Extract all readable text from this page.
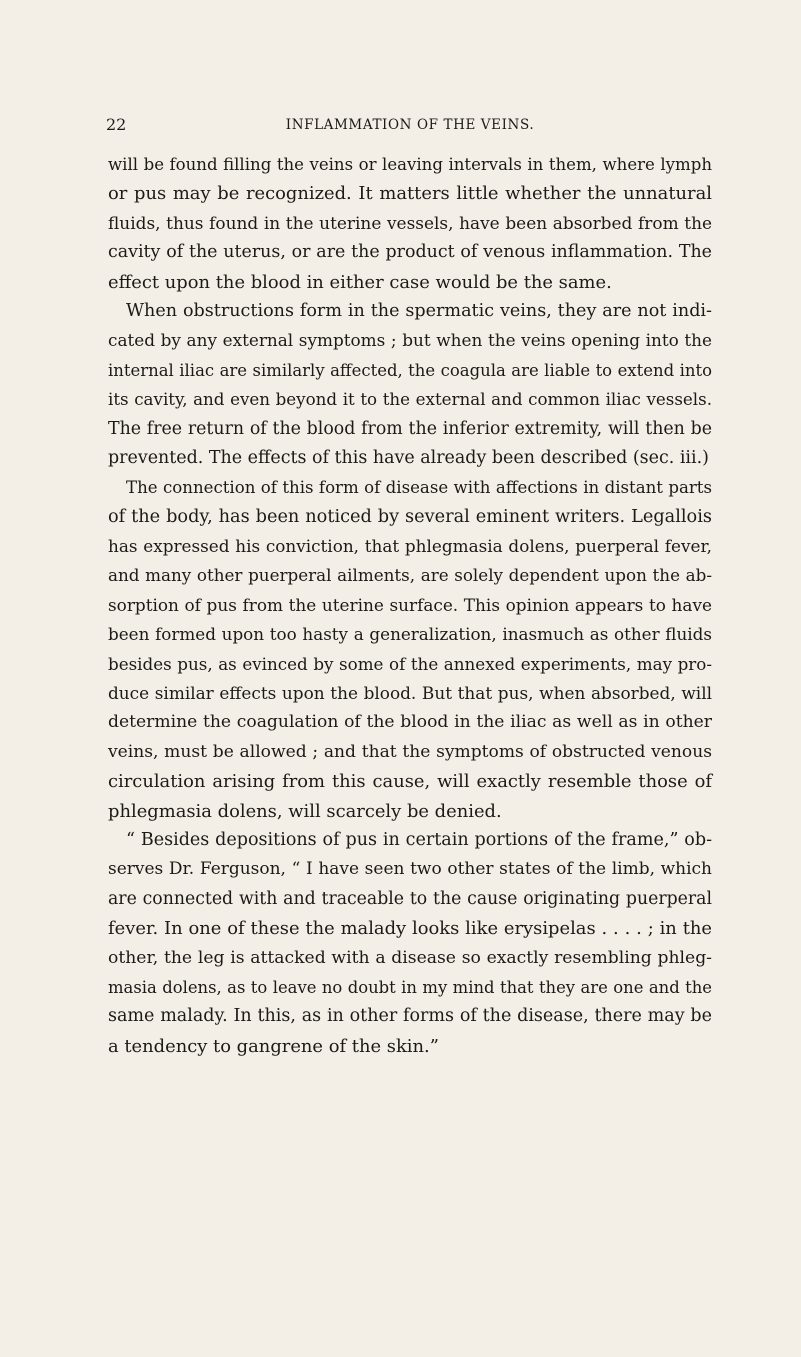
22	INFLAMMATION OF THE VEINS.
will be found filling the veins or leaving intervals in them, where lymph
or pus may be recognized. It matters little whether the unnatural
fluids, thus found in the uterine vessels, have been absorbed from the
cavity of the uterus, or are the product of venous inflammation. The
effect upon the blood in either case would be the same.
When obstructions form in the spermatic veins, they are not indi-
cated by any external symptoms ; but when the veins opening into the
internal iliac are similarly affected, the coagula are liable to extend into
its cavity, and even beyond it to the external and common iliac vessels.
The free return of the blood from the inferior extremity, will then be
prevented. The effects of this have already been described (sec. iii.)
The connection of this form of disease with affections in distant parts
of the body, has been noticed by several eminent writers. Legallois
has expressed his conviction, that phlegmasia dolens, puerperal fever,
and many other puerperal ailments, are solely dependent upon the ab-
sorption of pus from the uterine surface. This opinion appears to have
been formed upon too hasty a generalization, inasmuch as other fluids
besides pus, as evinced by some of the annexed experiments, may pro-
duce similar effects upon the blood. But that pus, when absorbed, will
determine the coagulation of the blood in the iliac as well as in other
veins, must be allowed ; and that the symptoms of obstructed venous
circulation arising from this cause, will exactly resemble those of
phlegmasia dolens, will scarcely be denied.
“ Besides depositions of pus in certain portions of the frame,” ob-
serves Dr. Ferguson, “ I have seen two other states of the limb, which
are connected with and traceable to the cause originating puerperal
fever. In one of these the malady looks like erysipelas . . . . ; in the
other, the leg is attacked with a disease so exactly resembling phleg-
masia dolens, as to leave no doubt in my mind that they are one and the
same malady. In this, as in other forms of the disease, there may be
a tendency to gangrene of the skin.”
